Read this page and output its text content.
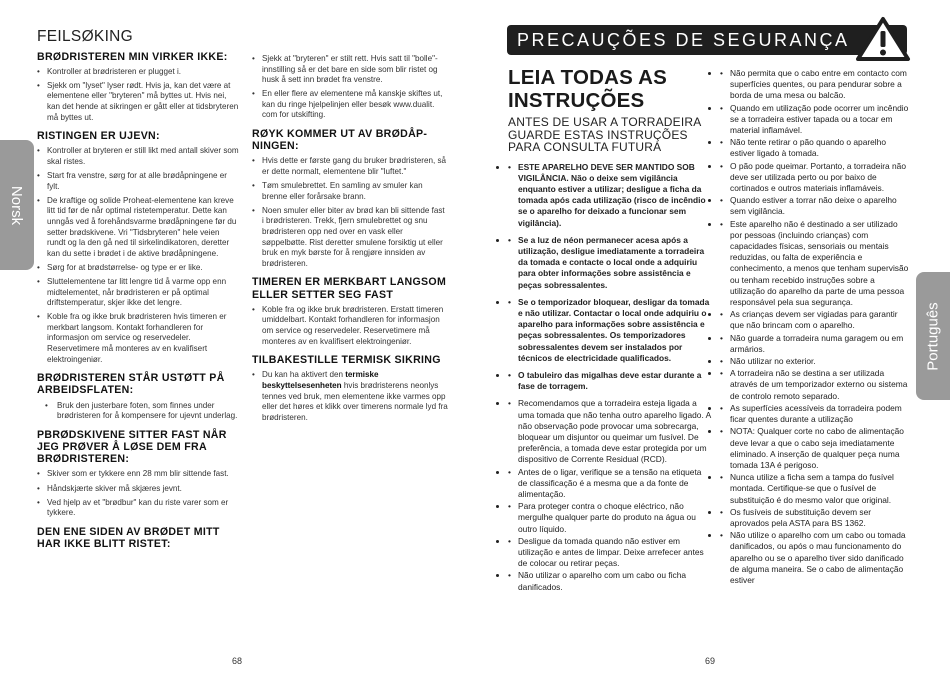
Norsk
FEILSØKING
BRØDRISTEREN MIN VIRKER IKKE:
• Kontroller at brødristeren er plugget i.
• Sjekk om "lyset" lyser rødt. Hvis ja, kan det være at elementene eller "bryteren" må byttes ut. Hvis nei, kan det hende at sikringen er gått eller at tidsbryteren må byttes ut.
RISTINGEN ER UJEVN:
• Kontroller at bryteren er still likt med antall skiver som skal ristes.
• Start fra venstre, sørg for at alle brødåpningene er fylt.
• De kraftige og solide Proheat-elementene kan kreve litt tid før de når optimal ristetemperatur. Dette kan unngås ved å forehåndsvarme brødåpningene før du setter brødskivene. Vri "Tidsbryteren" hele veien rundt og la den gå ned til sirkelindikatoren, deretter kan du sette i brødet i de aktive brødåpningene.
• Sørg for at brødstørrelse- og type er er like.
• Sluttelementene tar litt lengre tid å varme opp enn midtelementet, når brødristeren er på optimal driftstemperatur, skjer ikke det lengre.
• Koble fra og ikke bruk brødristeren hvis timeren er merkbart langsom. Kontakt forhandleren for informasjon om service og reservedeler. Reservetimere må monteres av en kvalifisert elektroingeniør.
BRØDRISTEREN STÅR USTØTT PÅ ARBEIDSFLATEN:
• Bruk den justerbare foten, som finnes under brødristeren for å kompensere for ujevnt underlag.
PBRØDSKIVENE SITTER FAST NÅR JEG PRØVER Å LØSE DEM FRA BRØDRISTEREN:
• Skiver som er tykkere enn 28 mm blir sittende fast.
• Håndskjærte skiver må skjæres jevnt.
• Ved hjelp av et "brødbur" kan du riste varer som er tykkere.
DEN ENE SIDEN AV BRØDET MITT HAR IKKE BLITT RISTET:
• Sjekk at "bryteren" er stilt rett. Hvis satt til "bolle"-innstilling så er det bare en side som blir ristet og husk å sett inn brødet fra venstre.
• En eller flere av elementene må kanskje skiftes ut, kan du ringe hjelpelinjen eller besøk www.dualit. com for utskifting.
RØYK KOMMER UT AV BRØDÅP-NINGEN:
• Hvis dette er første gang du bruker brødristeren, så er dette normalt, elementene blir "luftet."
• Tøm smulebrettet. En samling av smuler kan brenne eller forårsake brann.
• Noen smuler eller biter av brød kan bli sittende fast i brødristeren. Trekk, fjern smulebrettet og snu brødristeren opp ned over en vask eller søppelbøtte. Rist deretter smulene forsiktig ut eller bruk en myk børste for å rengjøre innsiden av brødristeren.
TIMEREN ER MERKBART LANGSOM ELLER SETTER SEG FAST
• Koble fra og ikke bruk brødristeren. Erstatt timeren umiddelbart. Kontakt forhandleren for informasjon om service og reservedeler. Reservetimere må monteres av en kvalifisert elektroingeniør.
TILBAKESTILLE TERMISK SIKRING
• Du kan ha aktivert den termiske beskyttelsesenheten hvis brødristerens neonlys tennes ved bruk, men elementene ikke varmes opp eller det høres et klikk over timerens normale lyd fra brødristeren.
68
PRECAUÇÕES DE SEGURANÇA
LEIA TODAS AS INSTRUÇÕES
ANTES DE USAR A TORRADEIRA GUARDE ESTAS INSTRUÇÕES PARA CONSULTA FUTURA
• • ESTE APARELHO DEVE SER MANTIDO SOB VIGILÂNCIA. Não o deixe sem vigilância enquanto estiver a utilizar; desligue a ficha da tomada após cada utilização (risco de incêndio se o aparelho for deixado a funcionar sem vigilância).
• • Se a luz de néon permanecer acesa após a utilização, desligue imediatamente a torradeira da tomada e contacte o local onde a adquiriu para obter informações sobre assistência e peças sobressalentes.
• • Se o temporizador bloquear, desligar da tomada e não utilizar. Contactar o local onde adquiriu o aparelho para informações sobre assistência e peças sobressalentes. Os temporizadores sobressalentes devem ser instalados por técnicos de electricidade qualificados.
• • O tabuleiro das migalhas deve estar durante a fase de torragem.
• • Recomendamos que a torradeira esteja ligada a uma tomada que não tenha outro aparelho ligado. A não observação pode provocar uma sobrecarga, bloquear um disjuntor ou queimar um fusível. De preferência, a tomada deve estar protegida por um dispositivo de Corrente Residual (RCD).
• • Antes de o ligar, verifique se a tensão na etiqueta de classificação é a mesma que a da fonte de alimentação.
• • Para proteger contra o choque eléctrico, não mergulhe qualquer parte do produto na água ou outro líquido.
• • Desligue da tomada quando não estiver em utilização e antes de limpar. Deixe arrefecer antes de colocar ou retirar peças.
• • Não utilizar o aparelho com um cabo ou ficha danificados.
• • Não permita que o cabo entre em contacto com superfícies quentes, ou para pendurar sobre a borda de uma mesa ou balcão.
• • Quando em utilização pode ocorrer um incêndio se a torradeira estiver tapada ou a tocar em material inflamável.
• • Não tente retirar o pão quando o aparelho estiver ligado à tomada.
• • O pão pode queimar. Portanto, a torradeira não deve ser utilizada perto ou por baixo de cortinados e outros materiais inflamáveis.
• • Quando estiver a torrar não deixe o aparelho sem vigilância.
• • Este aparelho não é destinado a ser utilizado por pessoas (incluindo crianças) com capacidades físicas, sensoriais ou mentais reduzidas, ou falta de experiência e conhecimento, a menos que tenham supervisão ou tenham recebido instruções sobre a utilização do aparelho da parte de uma pessoa responsável pela sua segurança.
• • As crianças devem ser vigiadas para garantir que não brincam com o aparelho.
• • Não guarde a torradeira numa garagem ou em armários.
• • Não utilizar no exterior.
• • A torradeira não se destina a ser utilizada através de um temporizador externo ou sistema de controlo remoto separado.
• • As superfícies acessíveis da torradeira podem ficar quentes durante a utilização
• • NOTA: Qualquer corte no cabo de alimentação deve levar a que o cabo seja imediatamente eliminado. A inserção de qualquer peça numa tomada 13A é perigoso.
• • Nunca utilize a ficha sem a tampa do fusível montada. Certifique-se que o fusível de substituição é do mesmo valor que original.
• • Os fusíveis de substituição devem ser aprovados pela ASTA para BS 1362.
• • Não utilize o aparelho com um cabo ou tomada danificados, ou após o mau funcionamento do aparelho ou se o aparelho tiver sido danificado de alguma maneira. Se o cabo de alimentação estiver
Português
69
